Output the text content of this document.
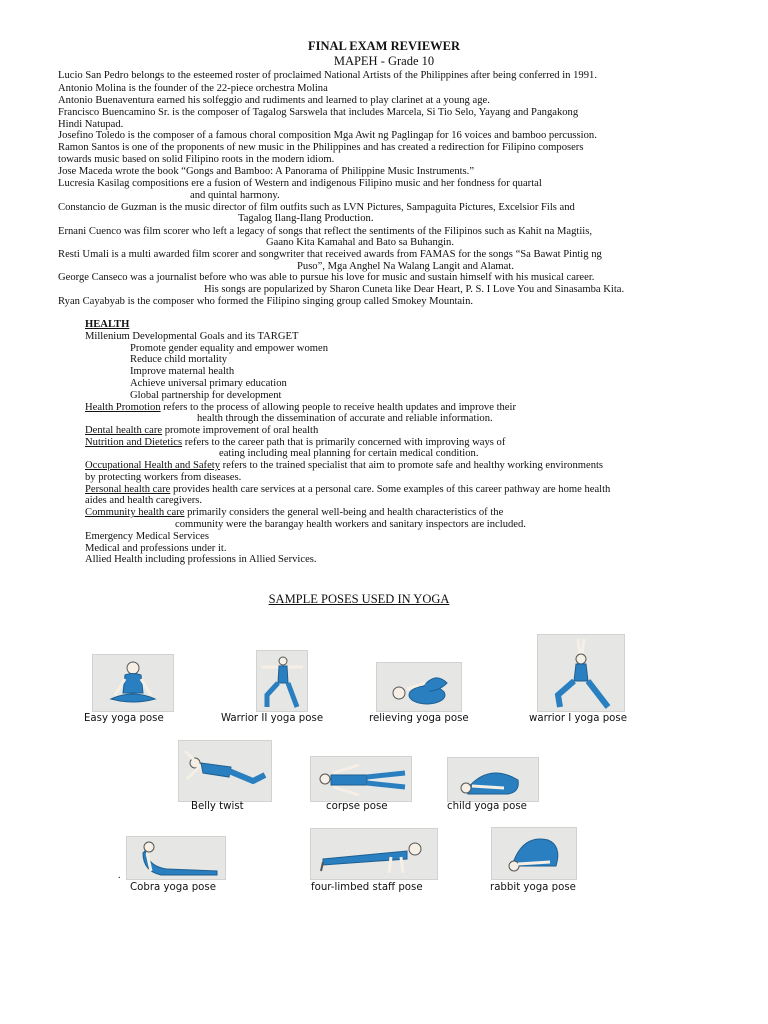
FINAL EXAM REVIEWER
MAPEH - Grade 10
Lucio San Pedro belongs to the esteemed roster of proclaimed National Artists of the Philippines after being conferred in 1991.
Antonio Molina is the founder of the 22-piece orchestra Molina
Antonio Buenaventura earned his solfeggio and rudiments and learned to play clarinet at a young age.
Francisco Buencamino Sr. is the composer of Tagalog Sarswela that includes Marcela, Si Tio Selo, Yayang and Pangakong
Hindi Natupad.
Josefino Toledo is the composer of a famous choral composition Mga Awit ng Paglingap for 16 voices and bamboo percussion.
Ramon Santos is one of the proponents of new music in the Philippines and has created a redirection for Filipino composers
towards music based on solid Filipino roots in the modern idiom.
Jose Maceda wrote the book “Gongs and Bamboo: A Panorama of Philippine Music Instruments.”
Lucresia Kasilag compositions ere a fusion of Western and indigenous Filipino music and her fondness for quartal
and quintal harmony.
Constancio de Guzman is the music director of film outfits such as LVN Pictures, Sampaguita Pictures, Excelsior Fils and
Tagalog Ilang-Ilang Production.
Ernani Cuenco was film scorer who left a legacy of songs that reflect the sentiments of the Filipinos such as Kahit na Magtiis,
Gaano Kita Kamahal and Bato sa Buhangin.
Resti Umali is a multi awarded film scorer and songwriter that received awards from FAMAS for the songs “Sa Bawat Pintig ng
Puso”, Mga Anghel Na Walang Langit and Alamat.
George Canseco was a journalist before who was able to pursue his love for music and sustain himself with his musical career.
His songs are popularized by Sharon Cuneta like Dear Heart, P. S. I Love You and Sinasamba Kita.
Ryan Cayabyab is the composer who formed the Filipino singing group called Smokey Mountain.
HEALTH
Millenium Developmental Goals and its TARGET
Promote gender equality and empower women
Reduce child mortality
Improve maternal health
Achieve universal primary education
Global partnership for development
Health Promotion refers to the process of allowing people to receive health updates and improve their
health through the dissemination of accurate and reliable information.
Dental health care promote improvement of oral health
Nutrition and Dietetics refers to the career path that is primarily concerned with improving ways of
eating including meal planning for certain medical condition.
Occupational Health and Safety refers to the trained specialist that aim to promote safe and healthy working environments
by protecting workers from diseases.
Personal health care provides health care services at a personal care. Some examples of this career pathway are home health
aides and health caregivers.
Community health care primarily considers the general well-being and health characteristics of the
community were the barangay health workers and sanitary inspectors are included.
Emergency Medical Services
Medical and professions under it.
Allied Health including professions in Allied Services.
SAMPLE POSES USED IN YOGA
Easy yoga pose	Warrior II yoga pose	relieving yoga pose	warrior I yoga pose
Belly twist	corpse pose	child yoga pose
Cobra yoga pose
.
four-limbed staff pose	rabbit yoga pose
